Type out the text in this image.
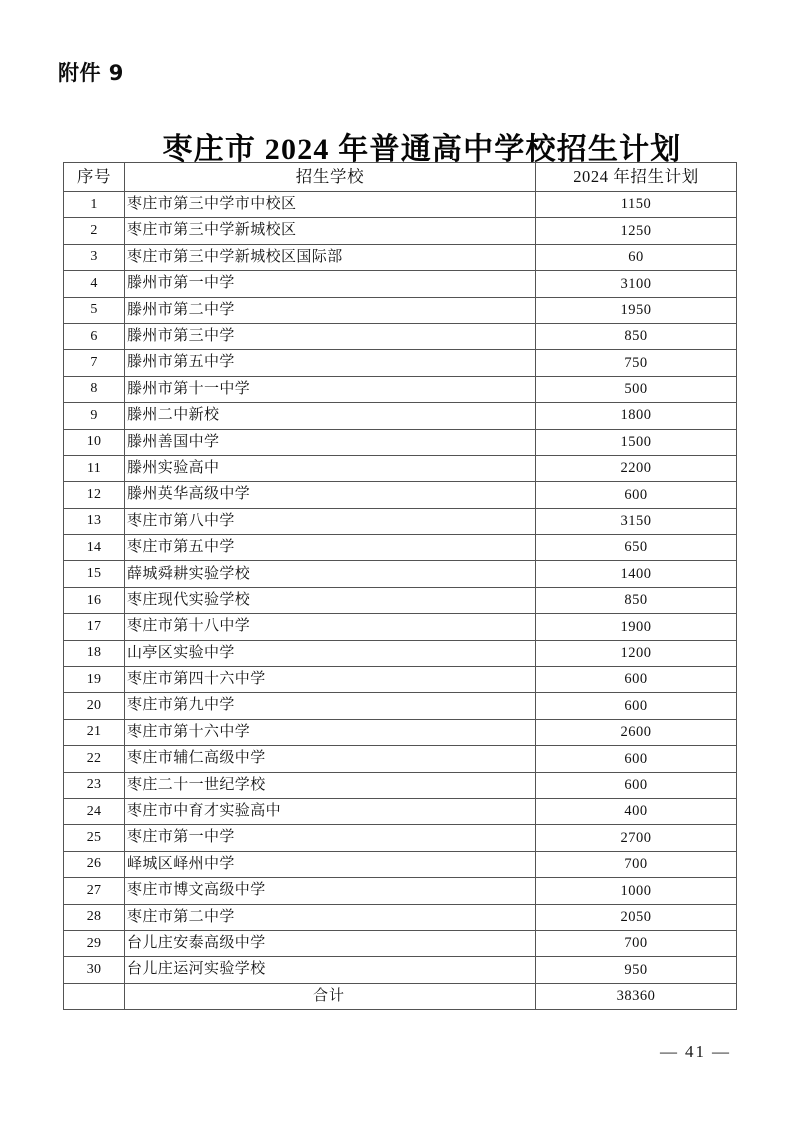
附件 9
枣庄市 2024 年普通高中学校招生计划
序号	招生学校	2024 年招生计划
1	枣庄市第三中学市中校区	1150
2	枣庄市第三中学新城校区	1250
3	枣庄市第三中学新城校区国际部	60
4	滕州市第一中学	3100
5	滕州市第二中学	1950
6	滕州市第三中学	850
7	滕州市第五中学	750
8	滕州市第十一中学	500
9	滕州二中新校	1800
10	滕州善国中学	1500
11	滕州实验高中	2200
12	滕州英华高级中学	600
13	枣庄市第八中学	3150
14	枣庄市第五中学	650
15	薛城舜耕实验学校	1400
16	枣庄现代实验学校	850
17	枣庄市第十八中学	1900
18	山亭区实验中学	1200
19	枣庄市第四十六中学	600
20	枣庄市第九中学	600
21	枣庄市第十六中学	2600
22	枣庄市辅仁高级中学	600
23	枣庄二十一世纪学校	600
24	枣庄市中育才实验高中	400
25	枣庄市第一中学	2700
26	峄城区峄州中学	700
27	枣庄市博文高级中学	1000
28	枣庄市第二中学	2050
29	台儿庄安泰高级中学	700
30	台儿庄运河实验学校	950
	合计	38360
— 41 —
